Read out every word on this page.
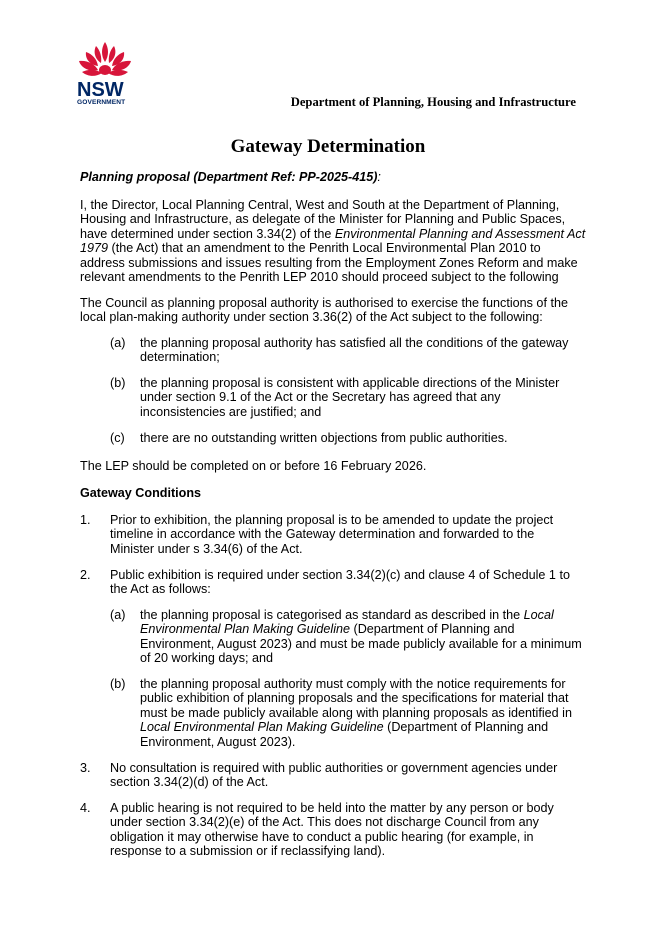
NSW
GOVERNMENT	Department of Planning, Housing and Infrastructure
Gateway Determination
Planning proposal (Department Ref: PP-2025-415):
I, the Director, Local Planning Central, West and South at the Department of Planning, Housing and Infrastructure, as delegate of the Minister for Planning and Public Spaces, have determined under section 3.34(2) of the Environmental Planning and Assessment Act 1979 (the Act) that an amendment to the Penrith Local Environmental Plan 2010 to address submissions and issues resulting from the Employment Zones Reform and make relevant amendments to the Penrith LEP 2010 should proceed subject to the following
The Council as planning proposal authority is authorised to exercise the functions of the local plan-making authority under section 3.36(2) of the Act subject to the following:
(a) the planning proposal authority has satisfied all the conditions of the gateway determination;
(b) the planning proposal is consistent with applicable directions of the Minister under section 9.1 of the Act or the Secretary has agreed that any inconsistencies are justified; and
(c) there are no outstanding written objections from public authorities.
The LEP should be completed on or before 16 February 2026.
Gateway Conditions
1. Prior to exhibition, the planning proposal is to be amended to update the project timeline in accordance with the Gateway determination and forwarded to the Minister under s 3.34(6) of the Act.
2. Public exhibition is required under section 3.34(2)(c) and clause 4 of Schedule 1 to the Act as follows:
(a) the planning proposal is categorised as standard as described in the Local Environmental Plan Making Guideline (Department of Planning and Environment, August 2023) and must be made publicly available for a minimum of 20 working days; and
(b) the planning proposal authority must comply with the notice requirements for public exhibition of planning proposals and the specifications for material that must be made publicly available along with planning proposals as identified in Local Environmental Plan Making Guideline (Department of Planning and Environment, August 2023).
3. No consultation is required with public authorities or government agencies under section 3.34(2)(d) of the Act.
4. A public hearing is not required to be held into the matter by any person or body under section 3.34(2)(e) of the Act. This does not discharge Council from any obligation it may otherwise have to conduct a public hearing (for example, in response to a submission or if reclassifying land).
